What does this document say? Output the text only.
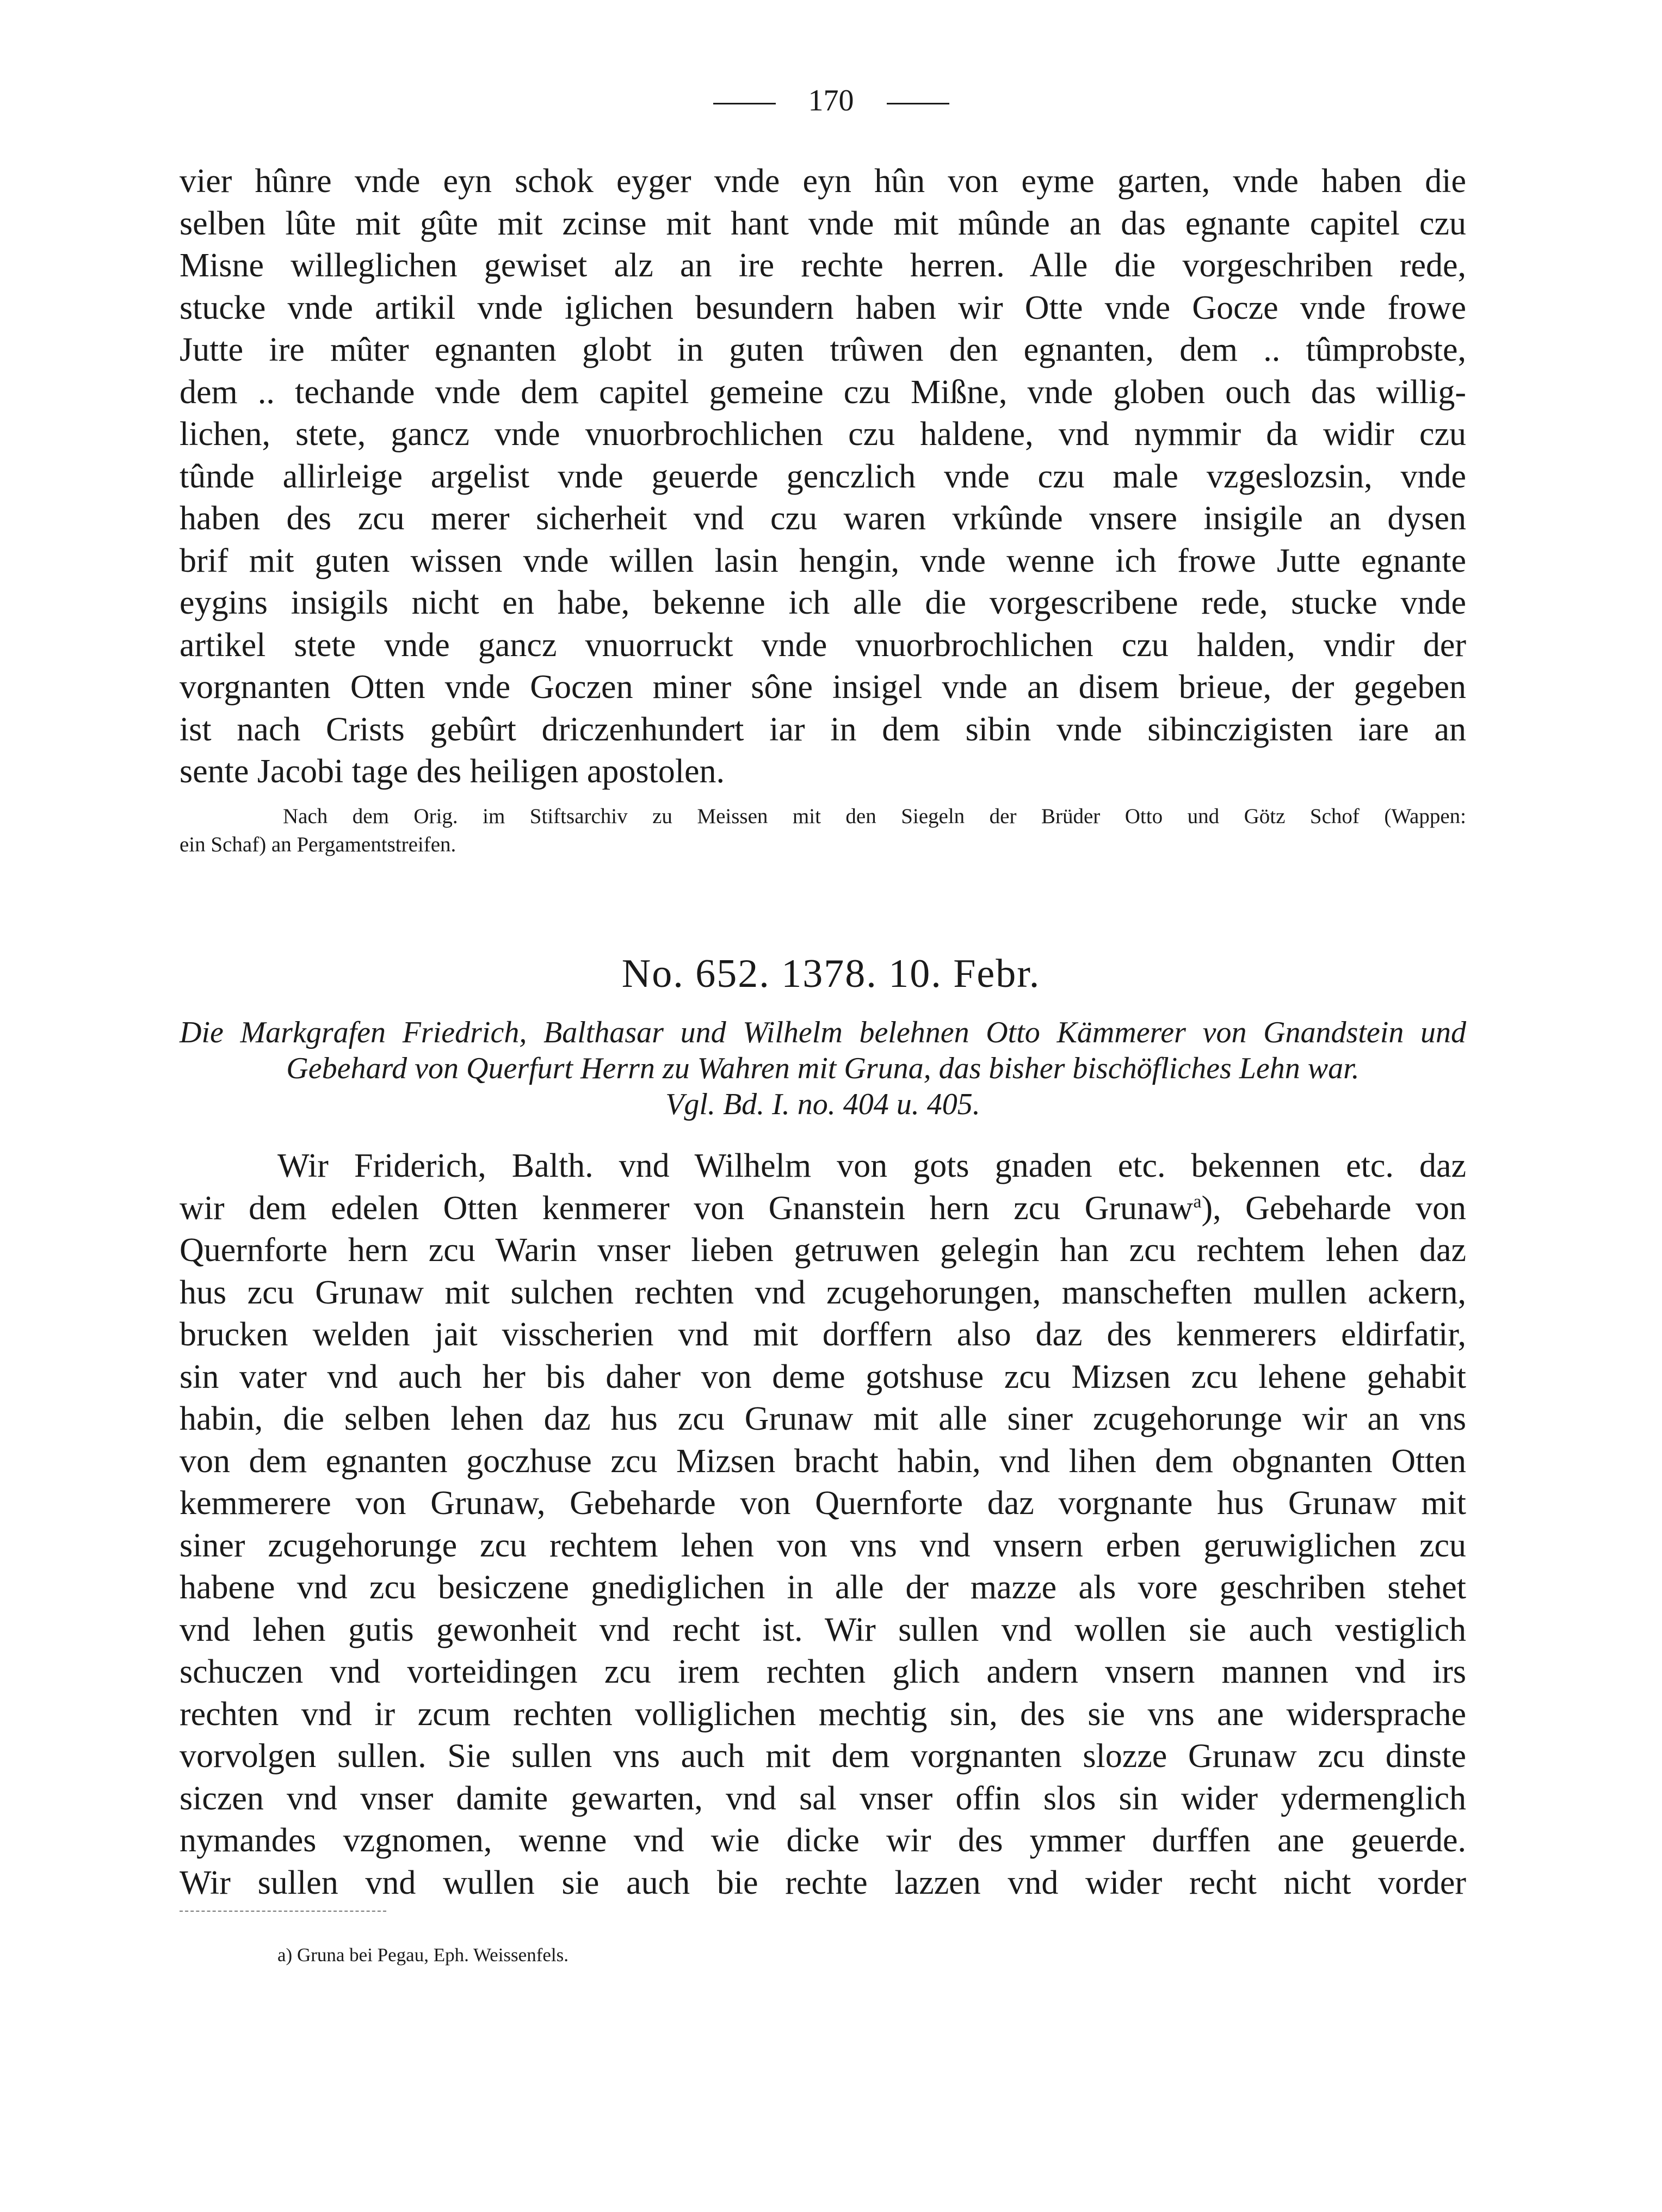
170
vier hûnre vnde eyn schok eyger vnde eyn hûn von eyme garten, vnde haben die
selben lûte mit gûte mit zcinse mit hant vnde mit mûnde an das egnante capitel czu
Misne willeglichen gewiset alz an ire rechte herren. Alle die vorgeschriben rede,
stucke vnde artikil vnde iglichen besundern haben wir Otte vnde Gocze vnde frowe
Jutte ire mûter egnanten globt in guten trûwen den egnanten, dem .. tûmprobste,
dem .. techande vnde dem capitel gemeine czu Mißne, vnde globen ouch das willig-
lichen, stete, gancz vnde vnuorbrochlichen czu haldene, vnd nymmir da widir czu
tûnde allirleige argelist vnde geuerde genczlich vnde czu male vzgeslozsin, vnde
haben des zcu merer sicherheit vnd czu waren vrkûnde vnsere insigile an dysen
brif mit guten wissen vnde willen lasin hengin, vnde wenne ich frowe Jutte egnante
eygins insigils nicht en habe, bekenne ich alle die vorgescribene rede, stucke vnde
artikel stete vnde gancz vnuorruckt vnde vnuorbrochlichen czu halden, vndir der
vorgnanten Otten vnde Goczen miner sône insigel vnde an disem brieue, der gegeben
ist nach Crists gebûrt driczenhundert iar in dem sibin vnde sibinczigisten iare an
sente Jacobi tage des heiligen apostolen.
Nach dem Orig. im Stiftsarchiv zu Meissen mit den Siegeln der Brüder Otto und Götz Schof (Wappen:
ein Schaf) an Pergamentstreifen.
No. 652. 1378. 10. Febr.
Die Markgrafen Friedrich, Balthasar und Wilhelm belehnen Otto Kämmerer von Gnandstein und
Gebehard von Querfurt Herrn zu Wahren mit Gruna, das bisher bischöfliches Lehn war.
Vgl. Bd. I. no. 404 u. 405.
Wir Friderich, Balth. vnd Wilhelm von gots gnaden etc. bekennen etc. daz
wir dem edelen Otten kenmerer von Gnanstein hern zcu Grunaw$^a$), Gebeharde von
Quernforte hern zcu Warin vnser lieben getruwen gelegin han zcu rechtem lehen daz
hus zcu Grunaw mit sulchen rechten vnd zcugehorungen, manscheften mullen ackern,
brucken welden jait visscherien vnd mit dorffern also daz des kenmerers eldirfatir,
sin vater vnd auch her bis daher von deme gotshuse zcu Mizsen zcu lehene gehabit
habin, die selben lehen daz hus zcu Grunaw mit alle siner zcugehorunge wir an vns
von dem egnanten goczhuse zcu Mizsen bracht habin, vnd lihen dem obgnanten Otten
kemmerere von Grunaw, Gebeharde von Quernforte daz vorgnante hus Grunaw mit
siner zcugehorunge zcu rechtem lehen von vns vnd vnsern erben geruwiglichen zcu
habene vnd zcu besiczene gnediglichen in alle der mazze als vore geschriben stehet
vnd lehen gutis gewonheit vnd recht ist. Wir sullen vnd wollen sie auch vestiglich
schuczen vnd vorteidingen zcu irem rechten glich andern vnsern mannen vnd irs
rechten vnd ir zcum rechten volliglichen mechtig sin, des sie vns ane widersprache
vorvolgen sullen. Sie sullen vns auch mit dem vorgnanten slozze Grunaw zcu dinste
siczen vnd vnser damite gewarten, vnd sal vnser offin slos sin wider ydermenglich
nymandes vzgnomen, wenne vnd wie dicke wir des ymmer durffen ane geuerde.
Wir sullen vnd wullen sie auch bie rechte lazzen vnd wider recht nicht vorder
a) Gruna bei Pegau, Eph. Weissenfels.
